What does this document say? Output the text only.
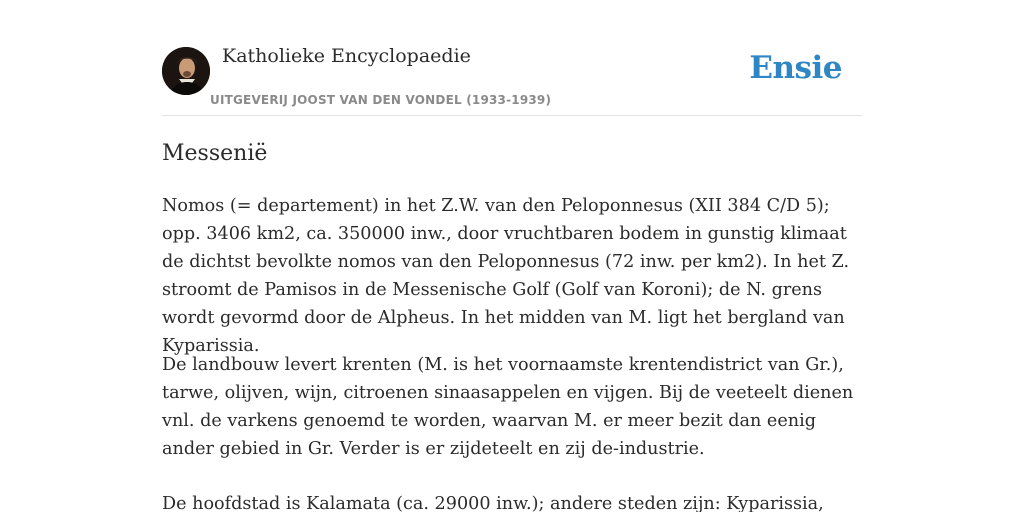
Katholieke Encyclopaedie
UITGEVERIJ JOOST VAN DEN VONDEL (1933-1939)
Ensie
Messenië

Nomos (= departement) in het Z.W. van den Peloponnesus (XII 384 C/D 5); opp. 3406 km2, ca. 350000 inw., door vruchtbaren bodem in gunstig klimaat de dichtst bevolkte nomos van den Peloponnesus (72 inw. per km2). In het Z. stroomt de Pamisos in de Messenische Golf (Golf van Koroni); de N. grens wordt gevormd door de Alpheus. In het midden van M. ligt het bergland van Kyparissia.

De landbouw levert krenten (M. is het voornaamste krentendistrict van Gr.), tarwe, olijven, wijn, citroenen sinaasappelen en vijgen. Bij de veeteelt dienen vnl. de varkens genoemd te worden, waarvan M. er meer bezit dan eenig ander gebied in Gr. Verder is er zijdeteelt en zij de-industrie.

De hoofdstad is Kalamata (ca. 29000 inw.); andere steden zijn: Kyparissia,
